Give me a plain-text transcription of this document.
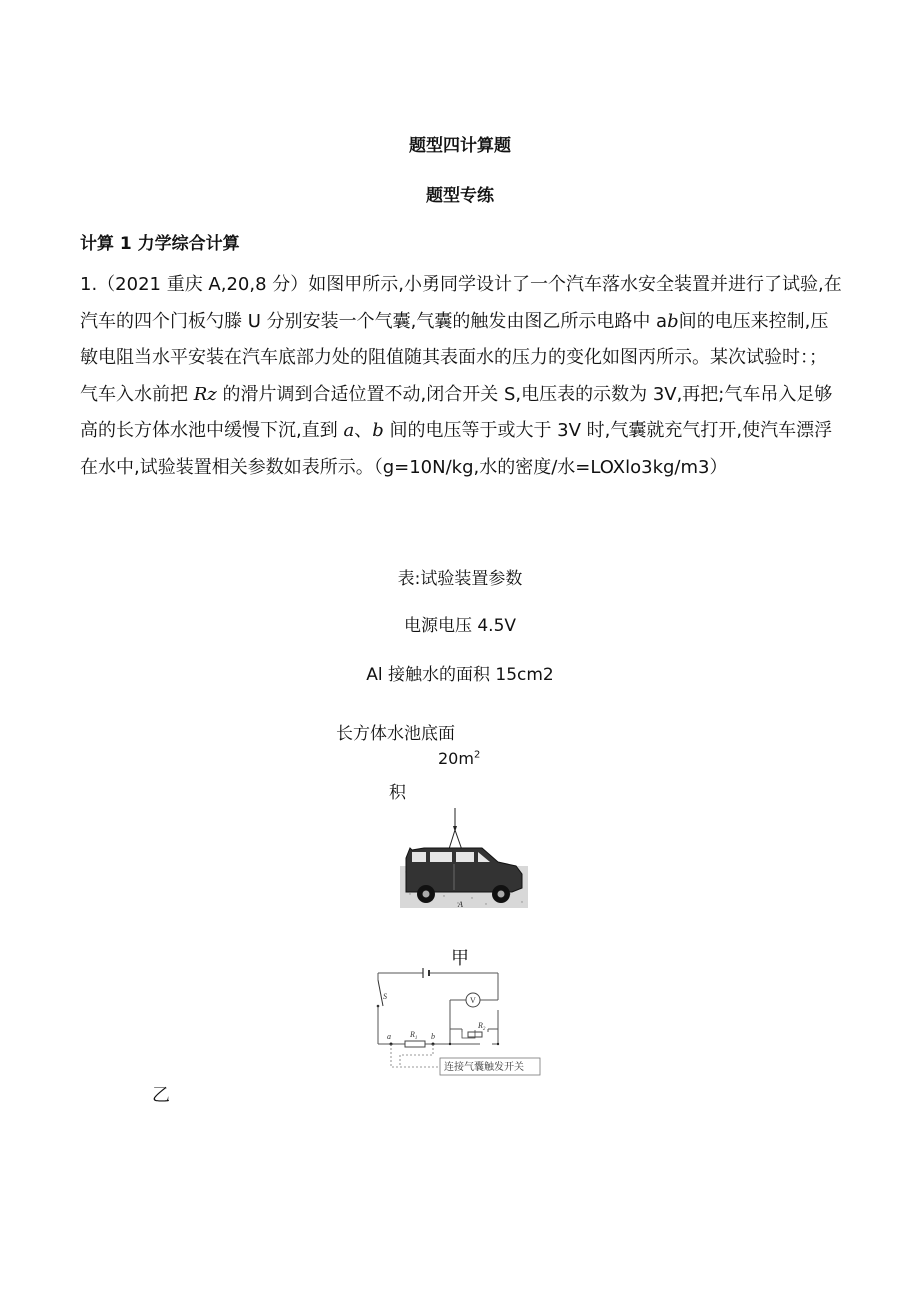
题型四计算题
题型专练
计算 1 力学综合计算
1.（2021 重庆 A,20,8 分）如图甲所示,小勇同学设计了一个汽车落水安全装置并进行了试验,在
汽车的四个门板勺滕 U 分别安装一个气囊,气囊的触发由图乙所示电路中 ab间的电压来控制,压
敏电阻当水平安装在汽车底部力处的阻值随其表面水的压力的变化如图丙所示。某次试验时：；
气车入水前把 Rz 的滑片调到合适位置不动,闭合开关 S,电压表的示数为 3V,再把;气车吊入足够
高的长方体水池中缓慢下沉,直到 a、b 间的电压等于或大于 3V 时,气囊就充气打开,使汽车漂浮
在水中,试验装置相关参数如表所示。（g=10N∕kg,水的密度∕水=LOXlo3kg∕m3）
表:试验装置参数
电源电压 4.5V
Al 接触水的面积 15cm2
长方体水池底面
$20m^2$
积
A
甲
S	V
$R_1$
$R_2$
a	b
连接气囊触发开关
乙
